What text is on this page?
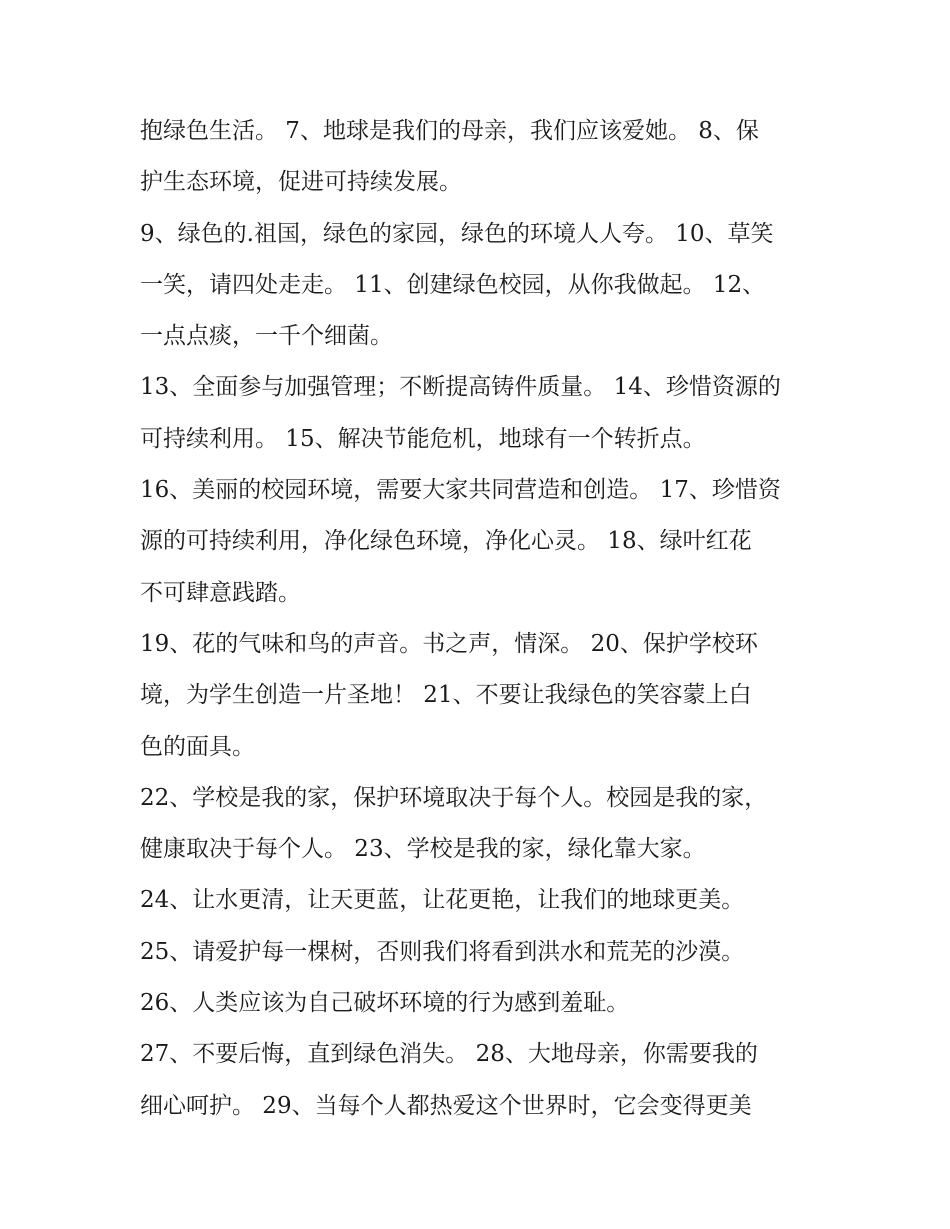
抱绿色生活。 7、地球是我们的母亲，我们应该爱她。 8、保
护生态环境，促进可持续发展。
9、绿色的.祖国，绿色的家园，绿色的环境人人夸。 10、草笑
一笑，请四处走走。 11、创建绿色校园，从你我做起。 12、
一点点痰，一千个细菌。
13、全面参与加强管理；不断提高铸件质量。 14、珍惜资源的
可持续利用。 15、解决节能危机，地球有一个转折点。
16、美丽的校园环境，需要大家共同营造和创造。 17、珍惜资
源的可持续利用，净化绿色环境，净化心灵。 18、绿叶红花
不可肆意践踏。
19、花的气味和鸟的声音。书之声，情深。 20、保护学校环
境，为学生创造一片圣地！ 21、不要让我绿色的笑容蒙上白
色的面具。
22、学校是我的家，保护环境取决于每个人。校园是我的家，
健康取决于每个人。 23、学校是我的家，绿化靠大家。
24、让水更清，让天更蓝，让花更艳，让我们的地球更美。
25、请爱护每一棵树，否则我们将看到洪水和荒芜的沙漠。
26、人类应该为自己破坏环境的行为感到羞耻。
27、不要后悔，直到绿色消失。 28、大地母亲，你需要我的
细心呵护。 29、当每个人都热爱这个世界时，它会变得更美
